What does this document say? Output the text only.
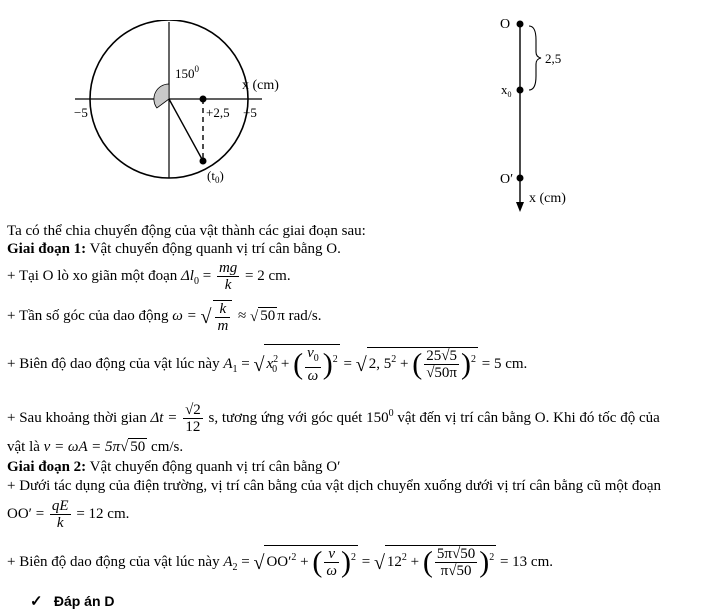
$150^0$
x (cm)
−5	+2,5 +5
$(t_0)$
O
$x_0$
O′
2,5
x (cm)
Ta có thể chia chuyển động của vật thành các giai đoạn sau:
Giai đoạn 1: Vật chuyển động quanh vị trí cân bằng O.
+ Tại O lò xo giãn một đoạn $\Delta l_0 = \frac{mg}{k} = 2$ cm.
+ Tần số góc của dao động ω = √ $\frac{k}{m}$ ≈ √ 50 π rad/s.
+ Biên độ dao động của vật lúc này $A_1$ = √ $x^2_0$ + ( $\frac{v_0}{\omega} )^2$ = √ 2, $5^2$ + ( $\frac{25√5}{√50\pi} )^2 = 5$ cm.
+ Sau khoảng thời gian $\Delta t = \frac{√2}{12} s$, tương ứng với góc quét $150^0$ vật đến vị trí cân bằng O. Khi đó tốc độ của
vật là v = ωA = 5π√ 50 cm/s.
Giai đoạn 2: Vật chuyển động quanh vị trí cân bằng O′
+ Dưới tác dụng của điện trường, vị trí cân bằng của vật dịch chuyển xuống dưới vị trí cân bằng cũ một đoạn
$OO' = \frac{qE}{k} = 12$ cm.
+ Biên độ dao động của vật lúc này $A_2$ = √ $OO'^2$ + ( $\frac{v}{\omega} )^2$ = √ $12^2$ + ( $\frac{5\pi√50}{\pi√50} )^2 = 13$ cm.
✓ Đáp án D
